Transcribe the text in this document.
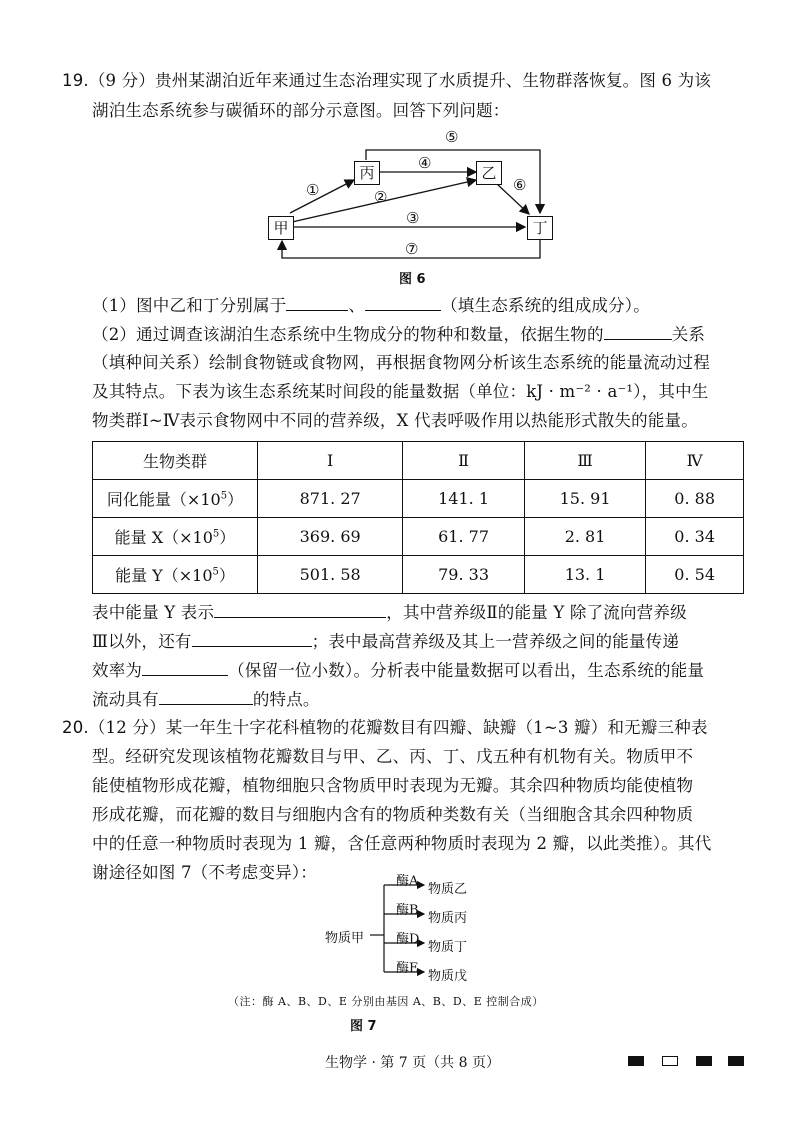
19.（9 分）贵州某湖泊近年来通过生态治理实现了水质提升、生物群落恢复。图 6 为该
湖泊生态系统参与碳循环的部分示意图。回答下列问题：
丙	乙
甲	丁
①	②
③
④
⑤
⑥
⑦
图 6
（1）图中乙和丁分别属于	、	（填生态系统的组成成分）。
（2）通过调查该湖泊生态系统中生物成分的物种和数量，依据生物的	关系
（填种间关系）绘制食物链或食物网，再根据食物网分析该生态系统的能量流动过程
及其特点。下表为该生态系统某时间段的能量数据（单位：kJ · m⁻² · a⁻¹），其中生
物类群Ⅰ~Ⅳ表示食物网中不同的营养级，X 代表呼吸作用以热能形式散失的能量。
生物类群	Ⅰ	Ⅱ	Ⅲ	Ⅳ
同化能量$(\times 10^5)$	871. 27	141. 1	15. 91	0. 88
能量 $X(\times 10^5)$	369. 69	61. 77	2. 81	0. 34
能量 $Y(\times 10^5)$	501. 58	79. 33	13. 1	0. 54
表中能量 Y 表示	，其中营养级Ⅱ的能量 Y 除了流向营养级
Ⅲ以外，还有	；表中最高营养级及其上一营养级之间的能量传递
效率为	（保留一位小数）。分析表中能量数据可以看出，生态系统的能量
流动具有	的特点。
20.（12 分）某一年生十字花科植物的花瓣数目有四瓣、缺瓣（1~3 瓣）和无瓣三种表
型。经研究发现该植物花瓣数目与甲、乙、丙、丁、戊五种有机物有关。物质甲不
能使植物形成花瓣，植物细胞只含物质甲时表现为无瓣。其余四种物质均能使植物
形成花瓣，而花瓣的数目与细胞内含有的物质种类数有关（当细胞含其余四种物质
中的任意一种物质时表现为 1 瓣，含任意两种物质时表现为 2 瓣，以此类推）。其代
谢途径如图 7（不考虑变异）：
物质甲
酶A
物质乙
酶B
物质丙
酶D
物质丁
酶E
物质戊
（注：酶 A、B、D、E 分别由基因 A、B、D、E 控制合成）
图 7
生物学 · 第 7 页（共 8 页）
